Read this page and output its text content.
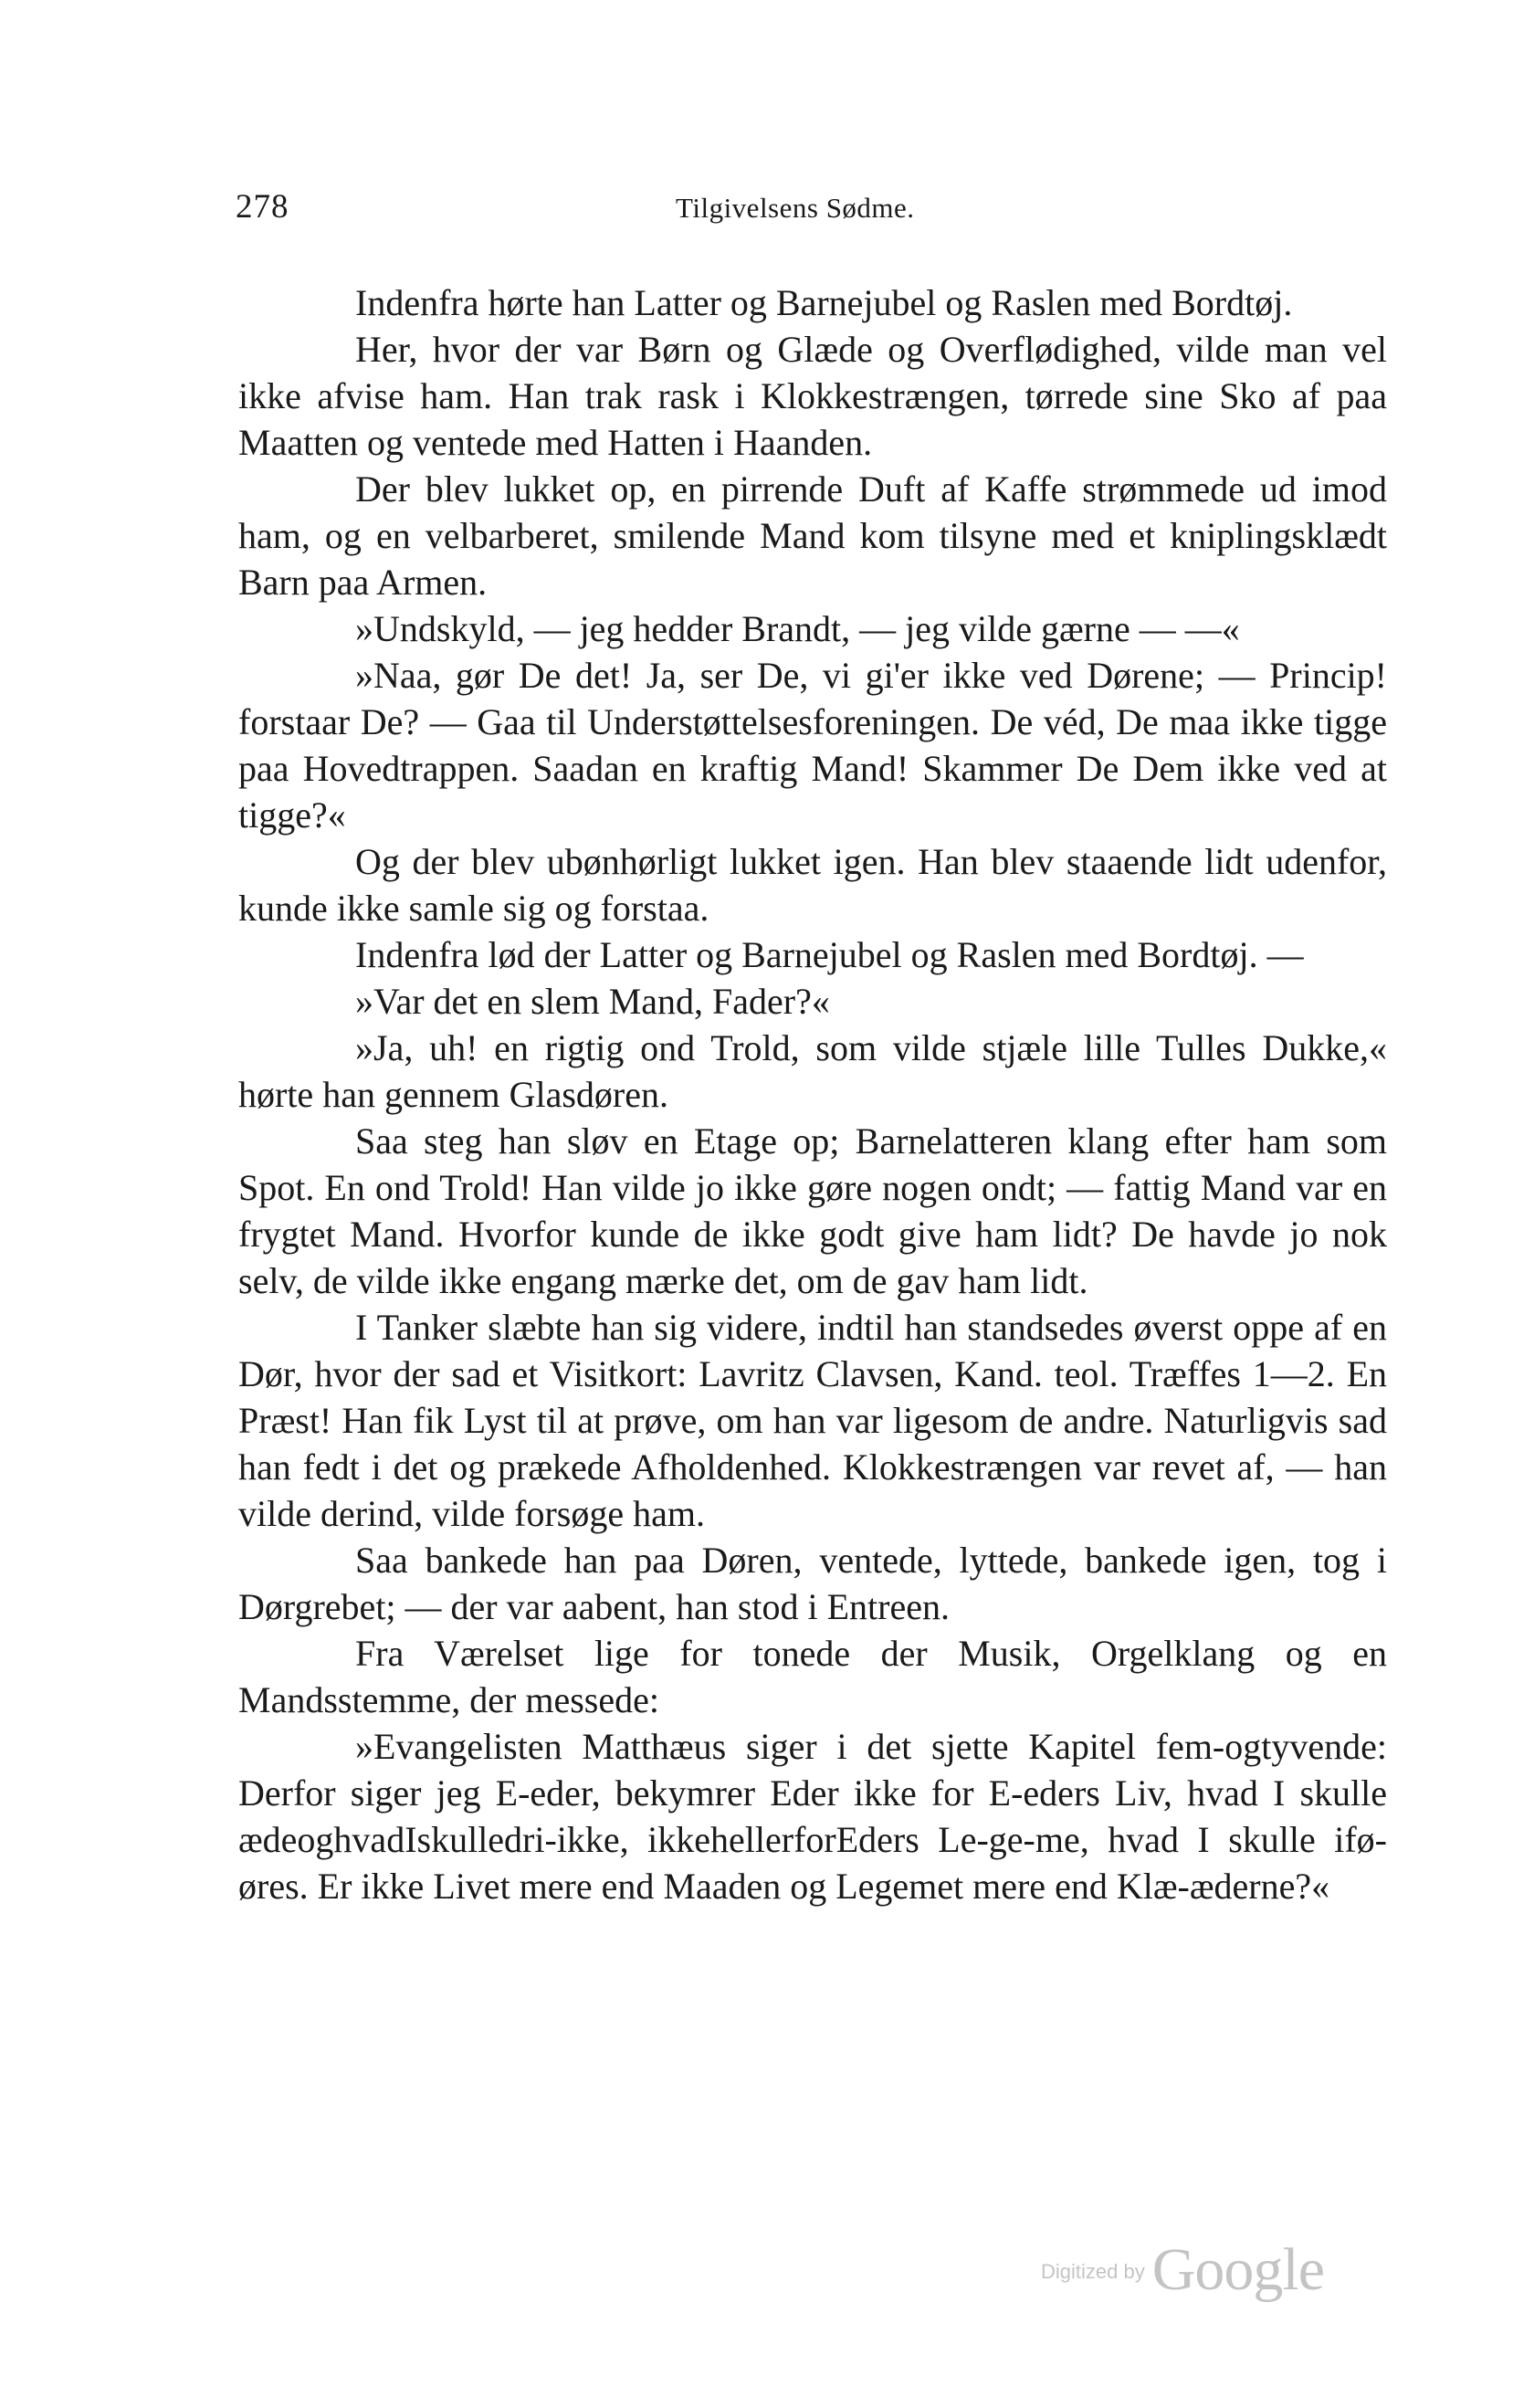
278	Tilgivelsens Sødme.

Indenfra hørte han Latter og Barnejubel og Raslen med Bordtøj.

Her, hvor der var Børn og Glæde og Overflødighed, vilde man vel ikke afvise ham. Han trak rask i Klokkestrængen, tørrede sine Sko af paa Maatten og ventede med Hatten i Haanden.

Der blev lukket op, en pirrende Duft af Kaffe strømmede ud imod ham, og en velbarberet, smilende Mand kom tilsyne med et kniplingsklædt Barn paa Armen.

»Undskyld, — jeg hedder Brandt, — jeg vilde gærne — —«

»Naa, gør De det! Ja, ser De, vi gi'er ikke ved Dørene; — Princip! forstaar De? — Gaa til Understøttelsesforeningen. De véd, De maa ikke tigge paa Hovedtrappen. Saadan en kraftig Mand! Skammer De Dem ikke ved at tigge?«

Og der blev ubønhørligt lukket igen. Han blev staaende lidt udenfor, kunde ikke samle sig og forstaa.

Indenfra lød der Latter og Barnejubel og Raslen med Bordtøj. —

»Var det en slem Mand, Fader?«

»Ja, uh! en rigtig ond Trold, som vilde stjæle lille Tulles Dukke,« hørte han gennem Glasdøren.

Saa steg han sløv en Etage op; Barnelatteren klang efter ham som Spot. En ond Trold! Han vilde jo ikke gøre nogen ondt; — fattig Mand var en frygtet Mand. Hvorfor kunde de ikke godt give ham lidt? De havde jo nok selv, de vilde ikke engang mærke det, om de gav ham lidt.

I Tanker slæbte han sig videre, indtil han standsedes øverst oppe af en Dør, hvor der sad et Visitkort: Lavritz Clavsen, Kand. teol. Træffes 1—2. En Præst! Han fik Lyst til at prøve, om han var ligesom de andre. Naturligvis sad han fedt i det og prækede Afholdenhed. Klokkestrængen var revet af, — han vilde derind, vilde forsøge ham.

Saa bankede han paa Døren, ventede, lyttede, bankede igen, tog i Dørgrebet; — der var aabent, han stod i Entreen.

Fra Værelset lige for tonede der Musik, Orgelklang og en Mandsstemme, der messede:

»Evangelisten Matthæus siger i det sjette Kapitel fem-ogtyvende: Derfor siger jeg E-eder, bekymrer Eder ikke for E-eders Liv, hvad I skulle ædeoghvadIskulledri-ikke, ikkehellerforEders Le-ge-me, hvad I skulle ifø-øres. Er ikke Livet mere end Maaden og Legemet mere end Klæ-æderne?«

Digitized by Google
